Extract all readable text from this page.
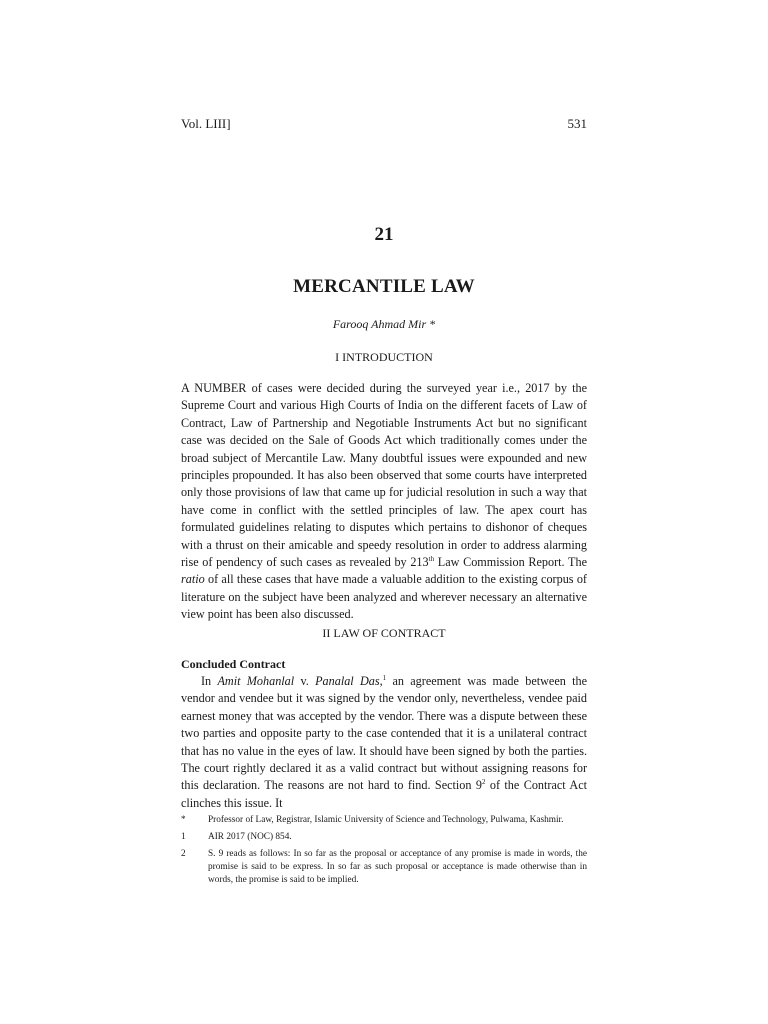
Vol. LIII]	531
21
MERCANTILE LAW
Farooq Ahmad Mir *
I INTRODUCTION

A NUMBER of cases were decided during the surveyed year i.e., 2017 by the Supreme Court and various High Courts of India on the different facets of Law of Contract, Law of Partnership and Negotiable Instruments Act but no significant case was decided on the Sale of Goods Act which traditionally comes under the broad subject of Mercantile Law. Many doubtful issues were expounded and new principles propounded. It has also been observed that some courts have interpreted only those provisions of law that came up for judicial resolution in such a way that have come in conflict with the settled principles of law. The apex court has formulated guidelines relating to disputes which pertains to dishonor of cheques with a thrust on their amicable and speedy resolution in order to address alarming rise of pendency of such cases as revealed by 213th Law Commission Report. The ratio of all these cases that have made a valuable addition to the existing corpus of literature on the subject have been analyzed and wherever necessary an alternative view point has been also discussed.

II LAW OF CONTRACT
Concluded Contract

In Amit Mohanlal v. Panalal Das,$^1$ an agreement was made between the vendor and vendee but it was signed by the vendor only, nevertheless, vendee paid earnest money that was accepted by the vendor. There was a dispute between these two parties and opposite party to the case contended that it is a unilateral contract that has no value in the eyes of law. It should have been signed by both the parties. The court rightly declared it as a valid contract but without assigning reasons for this declaration. The reasons are not hard to find. Section $9^2$ of the Contract Act clinches this issue. It

*	Professor of Law, Registrar, Islamic University of Science and Technology, Pulwama, Kashmir.
1	AIR 2017 (NOC) 854.
2	S. 9 reads as follows: In so far as the proposal or acceptance of any promise is made in words, the promise is said to be express. In so far as such proposal or acceptance is made otherwise than in words, the promise is said to be implied.
